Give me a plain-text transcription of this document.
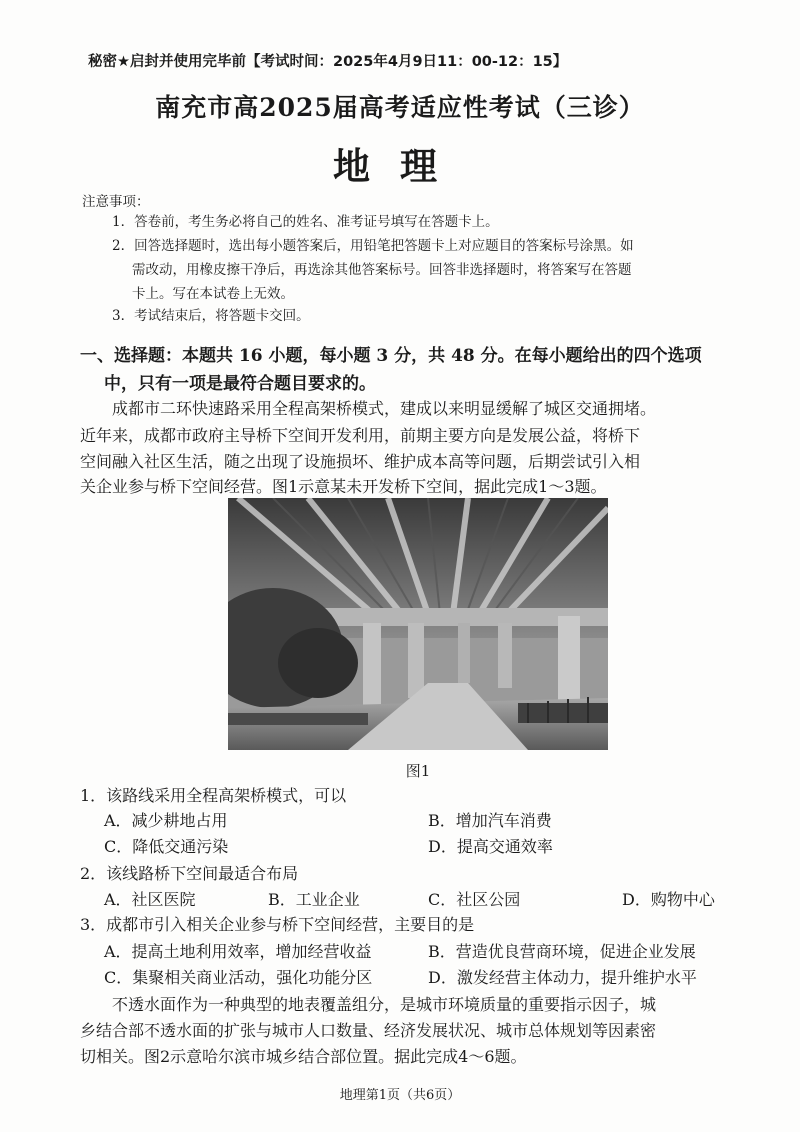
秘密★启封并使用完毕前【考试时间：2025年4月9日11：00-12：15】
南充市高2025届高考适应性考试（三诊）
地理
注意事项：
1．答卷前，考生务必将自己的姓名、准考证号填写在答题卡上。
2．回答选择题时，选出每小题答案后，用铅笔把答题卡上对应题目的答案标号涂黑。如
需改动，用橡皮擦干净后，再选涂其他答案标号。回答非选择题时，将答案写在答题
卡上。写在本试卷上无效。
3．考试结束后，将答题卡交回。
一、选择题：本题共 16 小题，每小题 3 分，共 48 分。在每小题给出的四个选项
中，只有一项是最符合题目要求的。
成都市二环快速路采用全程高架桥模式，建成以来明显缓解了城区交通拥堵。
近年来，成都市政府主导桥下空间开发利用，前期主要方向是发展公益，将桥下
空间融入社区生活，随之出现了设施损坏、维护成本高等问题，后期尝试引入相
关企业参与桥下空间经营。图1示意某未开发桥下空间，据此完成1～3题。
图1
1．该路线采用全程高架桥模式，可以
A．减少耕地占用	B．增加汽车消费
C．降低交通污染	D．提高交通效率
2．该线路桥下空间最适合布局
A．社区医院	B．工业企业	C．社区公园	D．购物中心
3．成都市引入相关企业参与桥下空间经营，主要目的是
A．提高土地利用效率，增加经营收益	B．营造优良营商环境，促进企业发展
C．集聚相关商业活动，强化功能分区	D．激发经营主体动力，提升维护水平
不透水面作为一种典型的地表覆盖组分，是城市环境质量的重要指示因子，城
乡结合部不透水面的扩张与城市人口数量、经济发展状况、城市总体规划等因素密
切相关。图2示意哈尔滨市城乡结合部位置。据此完成4～6题。
地理第1页（共6页）
